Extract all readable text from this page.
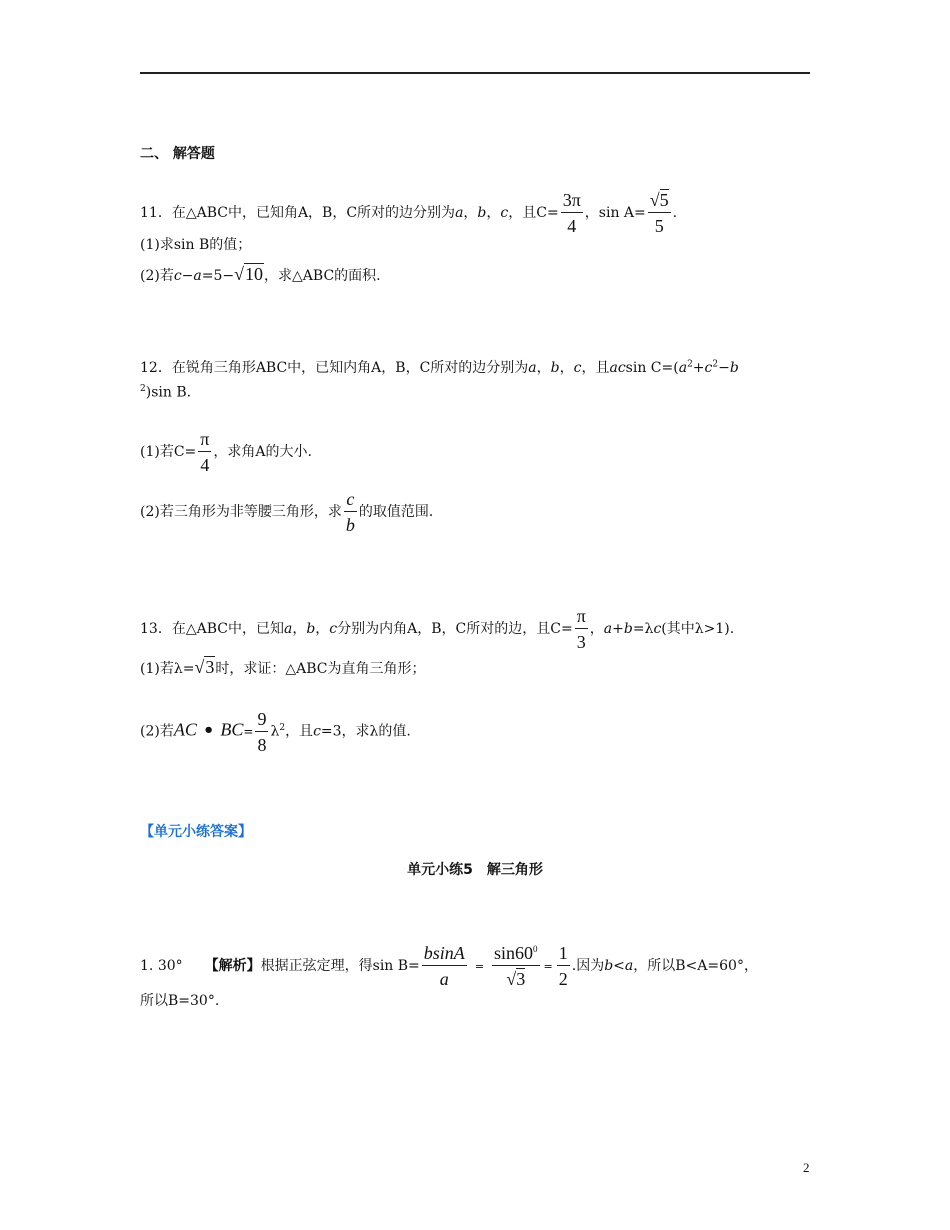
二、 解答题
11．在△ABC中，已知角A，B，C所对的边分别为a，b，c，且$C= \frac{3\pi}{4}$ ，$\sin A= \frac{√5}{5}$ .
(1)求sin B的值；
(2)若c−a=5−√10，求△ABC的面积.
12．在锐角三角形ABC中，已知内角A，B，C所对的边分别为a，b，c，且acsin $C=(a^2+c^2-b$
$^2$)sin B.
(1)若$C= \frac{\pi}{4}$ ，求角A的大小.
(2)若三角形为非等腰三角形，求 $\frac{c}{b}$ 的取值范围.
13．在△ABC中，已知a，b，c分别为内角A，B，C所对的边，且$C= \frac{\pi}{3}$ ，a+b=λc(其中λ>1).
(1)若λ=√3时，求证：△ABC为直角三角形；
(2)若AC • $BC= \frac{9}{8} \lambda^2$，且c=3，求λ的值.
【单元小练答案】
单元小练5　解三角形
1. 30° 【解析】根据正弦定理，得$\sin B= \frac{bsinA}{a} = \frac{\sin 60^0}{√3} = \frac{1}{2}$ .因为b<a，所以B<A=60°，
所以B=30°.
2
